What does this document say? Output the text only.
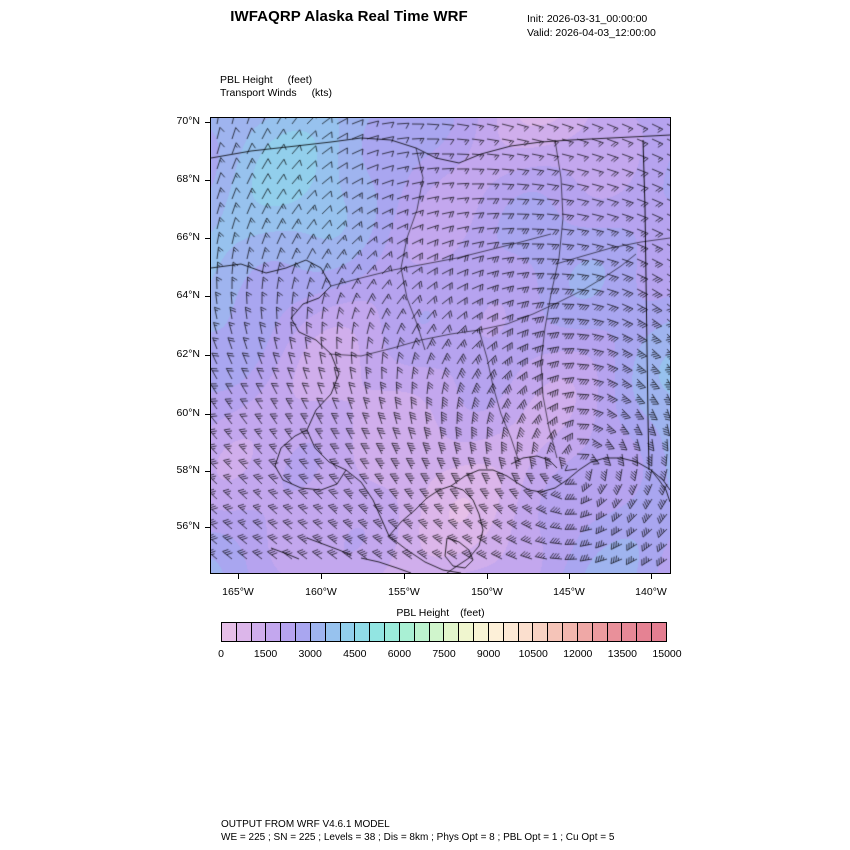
IWFAQRP Alaska Real Time WRF	Init: 2026-03-31_00:00:00
Valid: 2026-04-03_12:00:00
PBL Height (feet)
Transport Winds (kts)
70°N
68°N
66°N
64°N
62°N
60°N
58°N
56°N
165°W	160°W	155°W	150°W	145°W	140°W
PBL Height (feet)
0	1500 3000 4500 6000 7500 9000 10500 12000 13500 15000
OUTPUT FROM WRF V4.6.1 MODEL
WE = 225 ; SN = 225 ; Levels = 38 ; Dis = 8km ; Phys Opt = 8 ; PBL Opt = 1 ; Cu Opt = 5
